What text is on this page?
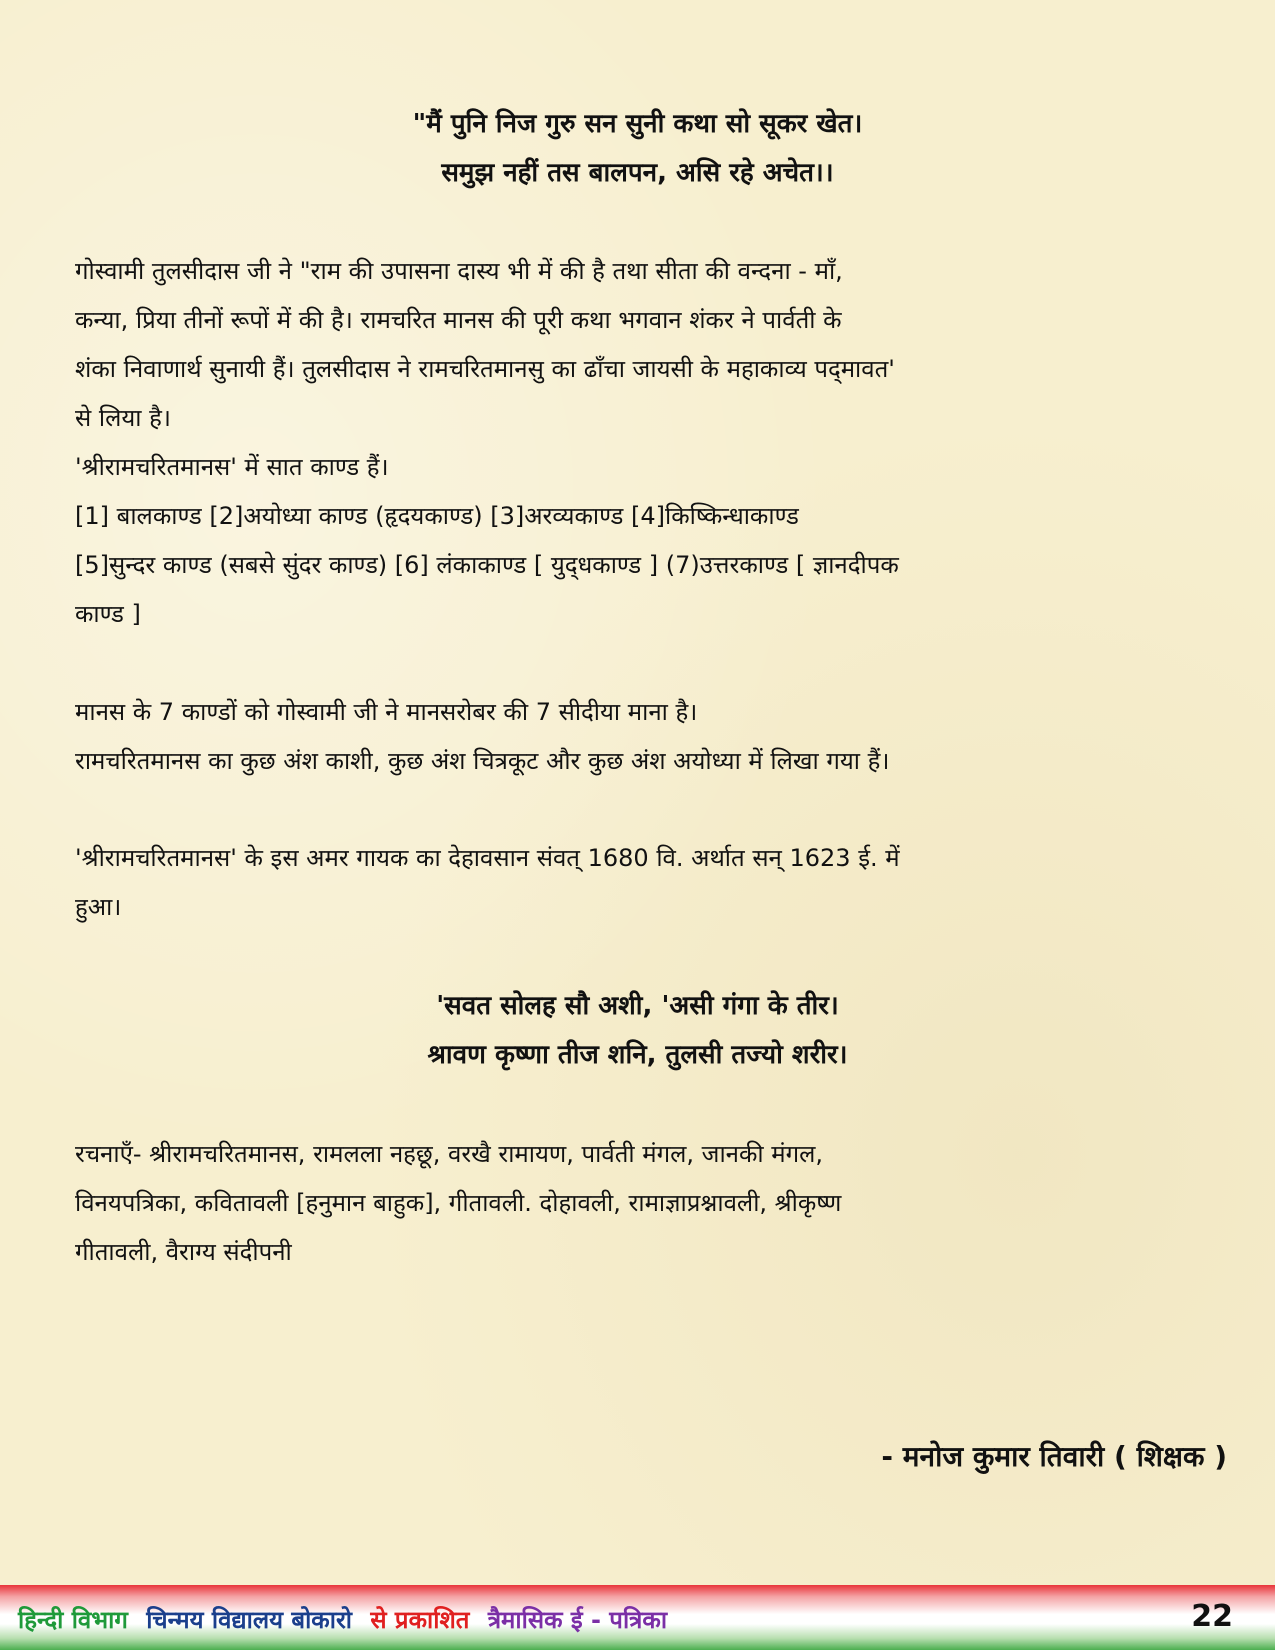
"मैं पुनि निज गुरु सन सुनी कथा सो सूकर खेत।
समुझ नहीं तस बालपन, असि रहे अचेत।।
गोस्वामी तुलसीदास जी ने "राम की उपासना दास्य भी में की है तथा सीता की वन्दना - माँ,
कन्या, प्रिया तीनों रूपों में की है। रामचरित मानस की पूरी कथा भगवान शंकर ने पार्वती के
शंका निवाणार्थ सुनायी हैं। तुलसीदास ने रामचरितमानसु का ढाँचा जायसी के महाकाव्य पद्‌मावत'
से लिया है।
'श्रीरामचरितमानस' में सात काण्ड हैं।
[1] बालकाण्ड [2]अयोध्या काण्ड (हृदयकाण्ड) [3]अरव्यकाण्ड [4]किष्किन्धाकाण्ड
[5]सुन्दर काण्ड (सबसे सुंदर काण्ड) [6] लंकाकाण्ड [ युद्‌धकाण्ड ] (7)उत्तरकाण्ड [ ज्ञानदीपक
काण्ड ]
मानस के 7 काण्डों को गोस्वामी जी ने मानसरोबर की 7 सीदीया माना है।
रामचरितमानस का कुछ अंश काशी, कुछ अंश चित्रकूट और कुछ अंश अयोध्या में लिखा गया हैं।
'श्रीरामचरितमानस' के इस अमर गायक का देहावसान संवत् 1680 वि. अर्थात सन् 1623 ई. में
हुआ।
'सवत सोलह सौ अशी, 'असी गंगा के तीर।
श्रावण कृष्णा तीज शनि, तुलसी तज्यो शरीर।
रचनाएँ- श्रीरामचरितमानस, रामलला नहछू, वरखै रामायण, पार्वती मंगल, जानकी मंगल,
विनयपत्रिका, कवितावली [हनुमान बाहुक], गीतावली. दोहावली, रामाज्ञाप्रश्नावली, श्रीकृष्ण
गीतावली, वैराग्य संदीपनी
- मनोज कुमार तिवारी ( शिक्षक )
हिन्दी विभाग चिन्मय विद्यालय बोकारो से प्रकाशित त्रैमासिक ई - पत्रिका	22
